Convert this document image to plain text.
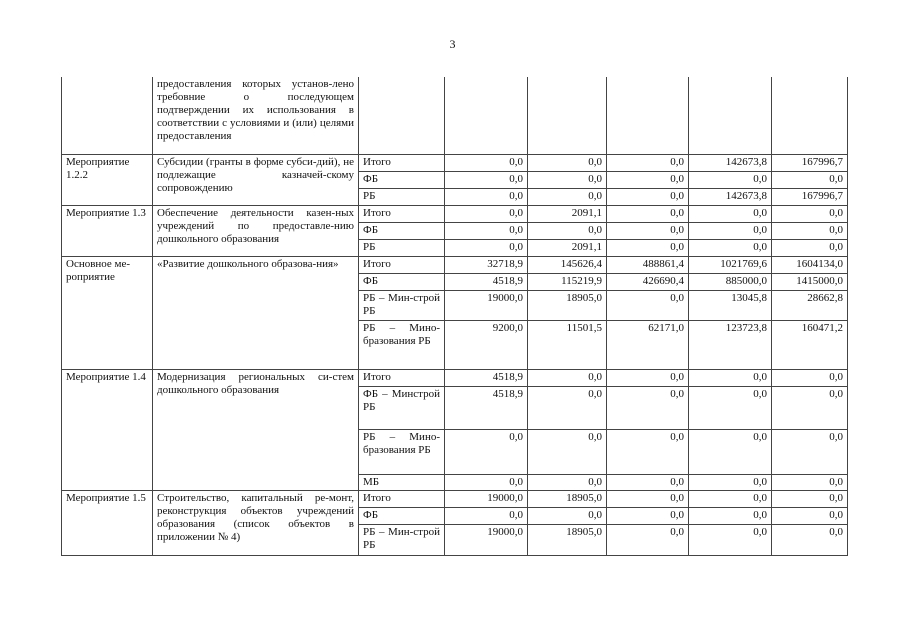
3
	предоставления которых установ-лено требовние о последующем подтверждении их использования в соответствии с условиями и (или) целями предоставления						
Мероприятие 1.2.2	Субсидии (гранты в форме субси-дий), не подлежащие казначей-скому сопровождению	Итого	0,0	0,0	0,0	142673,8	167996,7
		ФБ	0,0	0,0	0,0	0,0	0,0
		РБ	0,0	0,0	0,0	142673,8	167996,7
Мероприятие 1.3	Обеспечение деятельности казен-ных учреждений по предоставле-нию дошкольного образования	Итого	0,0	2091,1	0,0	0,0	0,0
		ФБ	0,0	0,0	0,0	0,0	0,0
		РБ	0,0	2091,1	0,0	0,0	0,0
Основное ме-роприятие	«Развитие дошкольного образова-ния»	Итого	32718,9	145626,4	488861,4	1021769,6	1604134,0
		ФБ	4518,9	115219,9	426690,4	885000,0	1415000,0
		РБ – Мин-строй РБ	19000,0	18905,0	0,0	13045,8	28662,8
		РБ – Мино-бразования РБ	9200,0	11501,5	62171,0	123723,8	160471,2
Мероприятие 1.4	Модернизация региональных си-стем дошкольного образования	Итого	4518,9	0,0	0,0	0,0	0,0
		ФБ – Минстрой РБ	4518,9	0,0	0,0	0,0	0,0
		РБ – Мино-бразования РБ	0,0	0,0	0,0	0,0	0,0
		МБ	0,0	0,0	0,0	0,0	0,0
Мероприятие 1.5	Строительство, капитальный ре-монт, реконструкция объектов учреждений образования (список объектов в приложении № 4)	Итого	19000,0	18905,0	0,0	0,0	0,0
		ФБ	0,0	0,0	0,0	0,0	0,0
		РБ – Мин-строй РБ	19000,0	18905,0	0,0	0,0	0,0
